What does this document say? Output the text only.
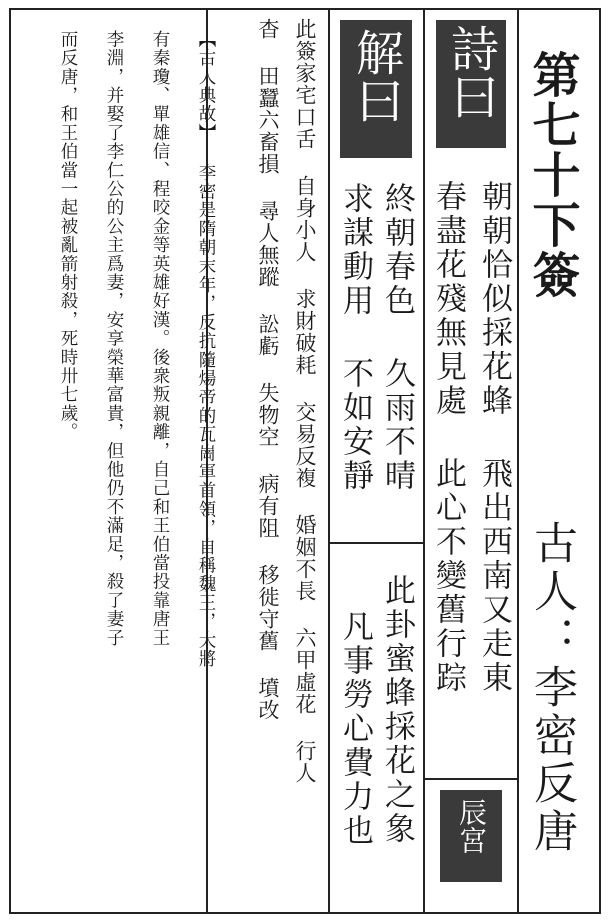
第七十下簽

古人：李密反唐

詩曰

朝朝恰似採花蜂 飛出西南又走東

春盡花殘無見處 此心不變舊行踪

辰宮
解曰

終朝春色 久雨不晴

求謀動用 不如安靜

此卦蜜蜂採花之象

凡事勞心費力也

此簽家宅口舌 自身小人 求財破耗 交易反複 婚姻不長 六甲虛花 行人

杳 田蠶六畜損 尋人無蹤 訟虧 失物空 病有阻 移徙守舊 墳改

【古人典故】 李密是隋朝末年，反抗隨煬帝的瓦崗軍首領，自稱魏王，大將

有秦瓊、單雄信、程咬金等英雄好漢。後衆叛親離，自己和王伯當投靠唐王

李淵，并娶了李仁公的公主爲妻，安享榮華富貴，但他仍不滿足，殺了妻子

而反唐，和王伯當一起被亂箭射殺，死時卅七歲。
